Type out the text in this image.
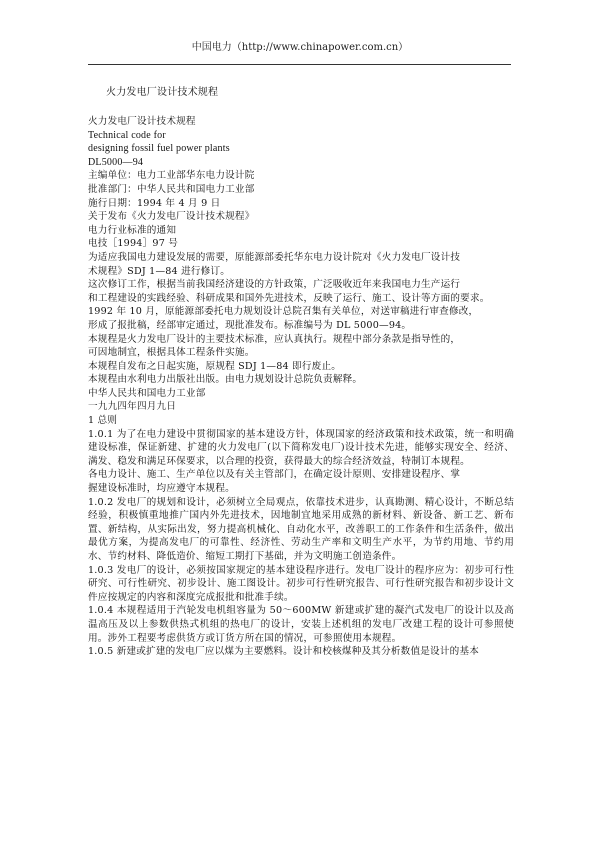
中国电力（http://www.chinapower.com.cn）

火力发电厂设计技术规程

火力发电厂设计技术规程

Technical code for

designing fossil fuel power plants

DL5000—94

主编单位：电力工业部华东电力设计院

批准部门：中华人民共和国电力工业部

施行日期：1994 年 4 月 9 日

关于发布《火力发电厂设计技术规程》

电力行业标准的通知

电技［1994］97 号

为适应我国电力建设发展的需要，原能源部委托华东电力设计院对《火力发电厂设计技

术规程》SDJ 1—84 进行修订。

这次修订工作，根据当前我国经济建设的方针政策，广泛吸收近年来我国电力生产运行

和工程建设的实践经验、科研成果和国外先进技术，反映了运行、施工、设计等方面的要求。

1992 年 10 月，原能源部委托电力规划设计总院召集有关单位，对送审稿进行审查修改，

形成了报批稿，经部审定通过，现批准发布。标准编号为 DL 5000—94。

本规程是火力发电厂设计的主要技术标准，应认真执行。规程中部分条款是指导性的，

可因地制宜，根据具体工程条件实施。

本规程自发布之日起实施，原规程 SDJ 1—84 即行废止。

本规程由水利电力出版社出版。由电力规划设计总院负责解释。

中华人民共和国电力工业部

一九九四年四月九日

1 总则

1.0.1 为了在电力建设中贯彻国家的基本建设方针，体现国家的经济政策和技术政策，统一和明确建设标准，保证新建、扩建的火力发电厂(以下简称发电厂)设计技术先进，能够实现安全、经济、满发、稳发和满足环保要求，以合理的投资，获得最大的综合经济效益，特制订本规程。

各电力设计、施工、生产单位以及有关主管部门，在确定设计原则、安排建设程序、掌

握建设标准时，均应遵守本规程。

1.0.2 发电厂的规划和设计，必须树立全局观点，依靠技术进步，认真勘测、精心设计，不断总结经验，积极慎重地推广国内外先进技术，因地制宜地采用成熟的新材料、新设备、新工艺、新布置、新结构，从实际出发，努力提高机械化、自动化水平，改善职工的工作条件和生活条件，做出最优方案，为提高发电厂的可靠性、经济性、劳动生产率和文明生产水平，为节约用地、节约用水、节约材料、降低造价、缩短工期打下基础，并为文明施工创造条件。

1.0.3 发电厂的设计，必须按国家规定的基本建设程序进行。发电厂设计的程序应为：初步可行性研究、可行性研究、初步设计、施工图设计。初步可行性研究报告、可行性研究报告和初步设计文件应按规定的内容和深度完成报批和批准手续。

1.0.4 本规程适用于汽轮发电机组容量为 50～600MW 新建或扩建的凝汽式发电厂的设计以及高温高压及以上参数供热式机组的热电厂的设计，安装上述机组的发电厂改建工程的设计可参照使用。涉外工程要考虑供货方或订货方所在国的情况，可参照使用本规程。

1.0.5 新建或扩建的发电厂应以煤为主要燃料。设计和校核煤种及其分析数值是设计的基本
